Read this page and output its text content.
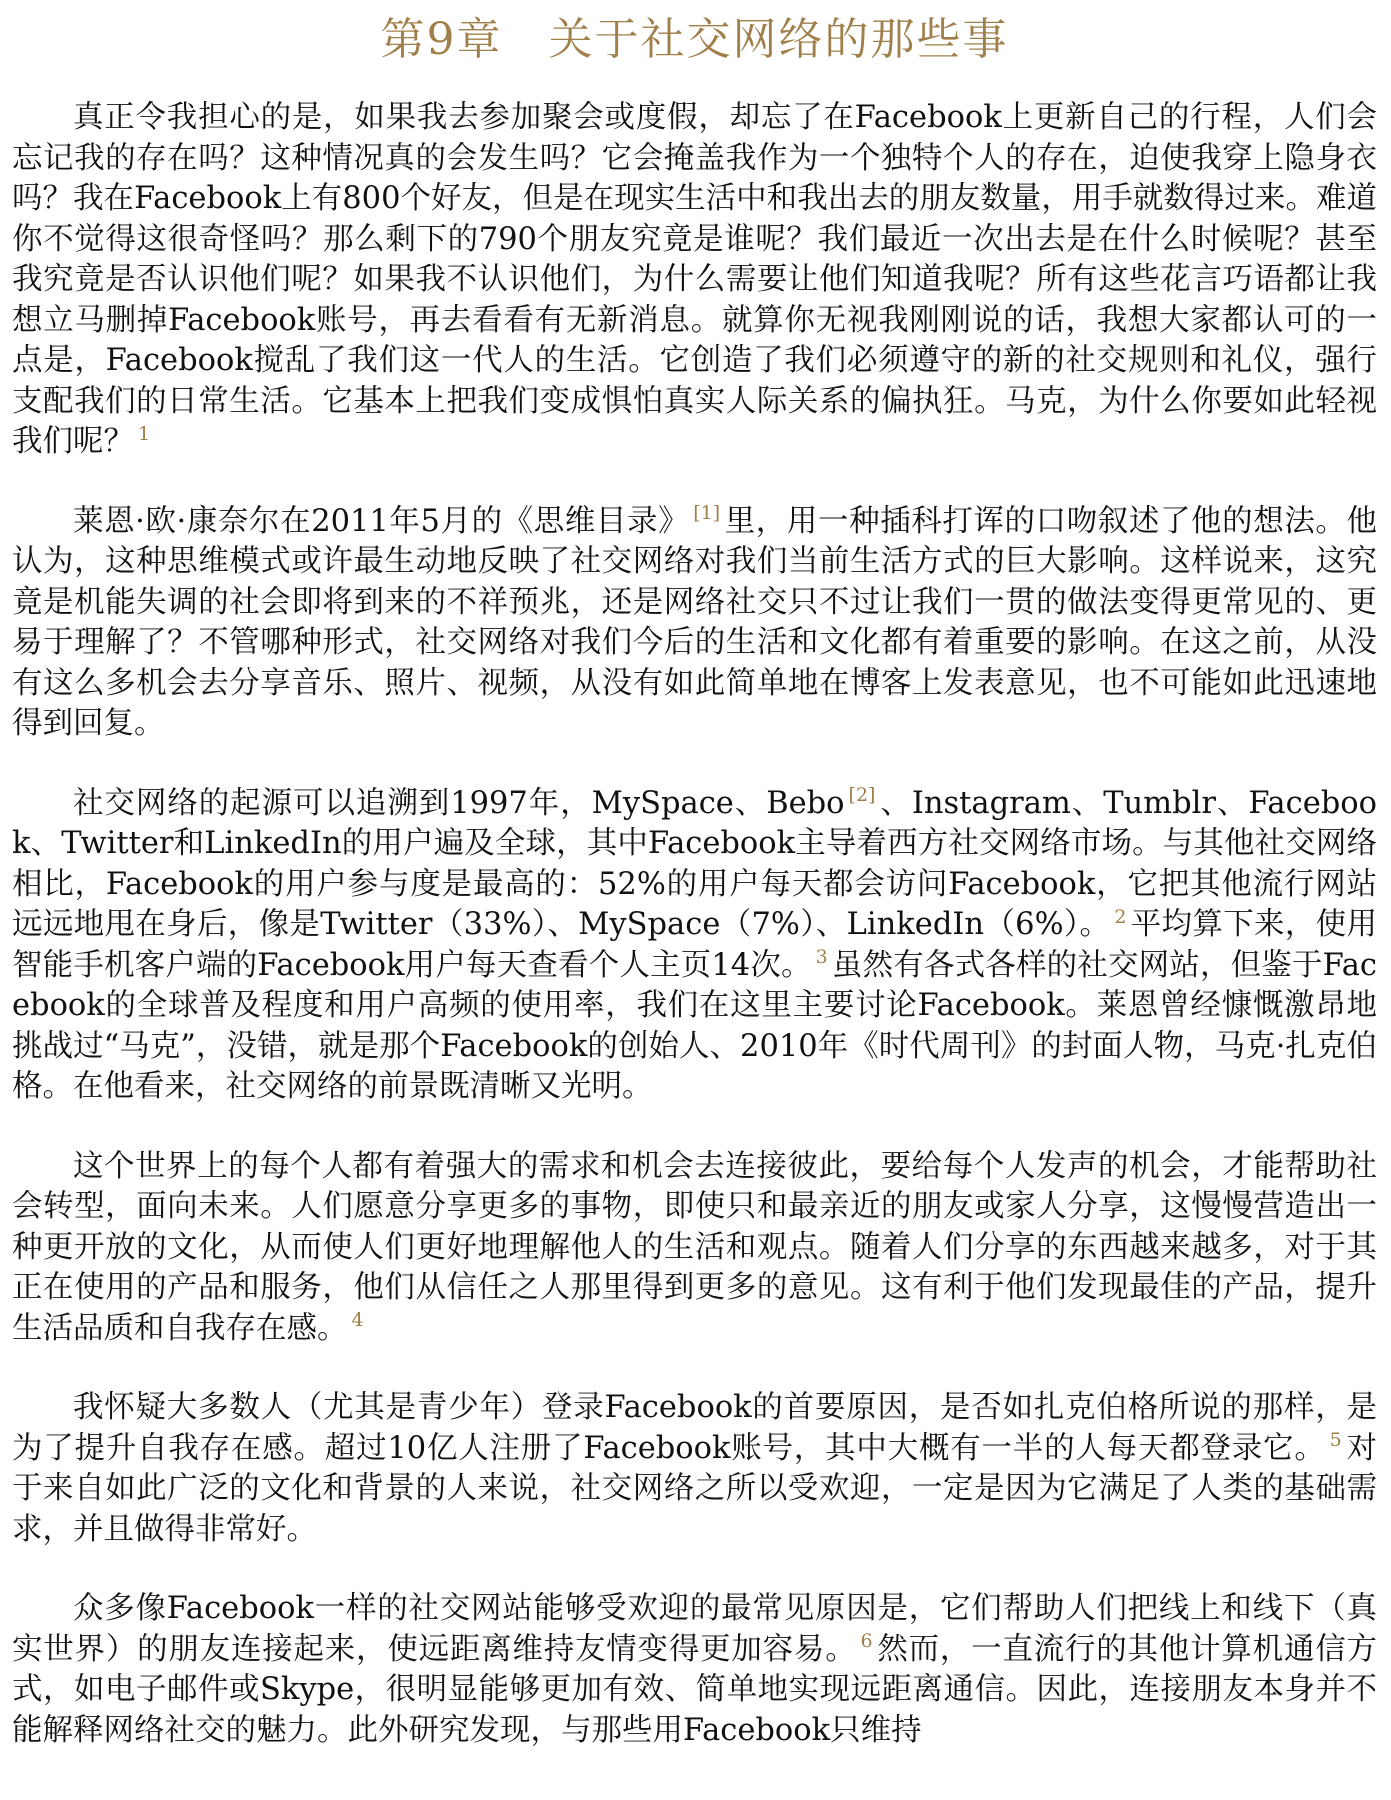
第9章　关于社交网络的那些事

真正令我担心的是，如果我去参加聚会或度假，却忘了在Facebook上更新自己的行程，人们会忘记我的存在吗？这种情况真的会发生吗？它会掩盖我作为一个独特个人的存在，迫使我穿上隐身衣吗？我在Facebook上有800个好友，但是在现实生活中和我出去的朋友数量，用手就数得过来。难道你不觉得这很奇怪吗？那么剩下的790个朋友究竟是谁呢？我们最近一次出去是在什么时候呢？甚至我究竟是否认识他们呢？如果我不认识他们，为什么需要让他们知道我呢？所有这些花言巧语都让我想立马删掉Facebook账号，再去看看有无新消息。就算你无视我刚刚说的话，我想大家都认可的一点是，Facebook搅乱了我们这一代人的生活。它创造了我们必须遵守的新的社交规则和礼仪，强行支配我们的日常生活。它基本上把我们变成惧怕真实人际关系的偏执狂。马克，为什么你要如此轻视我们呢？ $^1$

莱恩·欧·康奈尔在2011年5月的《思维目录》 [1] 里，用一种插科打诨的口吻叙述了他的想法。他认为，这种思维模式或许最生动地反映了社交网络对我们当前生活方式的巨大影响。这样说来，这究竟是机能失调的社会即将到来的不祥预兆，还是网络社交只不过让我们一贯的做法变得更常见的、更易于理解了？不管哪种形式，社交网络对我们今后的生活和文化都有着重要的影响。在这之前，从没有这么多机会去分享音乐、照片、视频，从没有如此简单地在博客上发表意见，也不可能如此迅速地得到回复。

社交网络的起源可以追溯到1997年，MySpace、Bebo [2] 、Instagram、Tumblr、Facebook、Twitter和LinkedIn的用户遍及全球，其中Facebook主导着西方社交网络市场。与其他社交网络相比，Facebook的用户参与度是最高的：52%的用户每天都会访问Facebook，它把其他流行网站远远地甩在身后，像是Twitter（33%）、MySpace（7%）、LinkedIn（6%）。 $^2$ 平均算下来，使用智能手机客户端的Facebook用户每天查看个人主页14次。 $^3$ 虽然有各式各样的社交网站，但鉴于Facebook的全球普及程度和用户高频的使用率，我们在这里主要讨论Facebook。莱恩曾经慷慨激昂地挑战过“马克”，没错，就是那个Facebook的创始人、2010年《时代周刊》的封面人物，马克·扎克伯格。在他看来，社交网络的前景既清晰又光明。

这个世界上的每个人都有着强大的需求和机会去连接彼此，要给每个人发声的机会，才能帮助社会转型，面向未来。人们愿意分享更多的事物，即使只和最亲近的朋友或家人分享，这慢慢营造出一种更开放的文化，从而使人们更好地理解他人的生活和观点。随着人们分享的东西越来越多，对于其正在使用的产品和服务，他们从信任之人那里得到更多的意见。这有利于他们发现最佳的产品，提升生活品质和自我存在感。 $^4$

我怀疑大多数人（尤其是青少年）登录Facebook的首要原因，是否如扎克伯格所说的那样，是为了提升自我存在感。超过10亿人注册了Facebook账号，其中大概有一半的人每天都登录它。 $^5$ 对于来自如此广泛的文化和背景的人来说，社交网络之所以受欢迎，一定是因为它满足了人类的基础需求，并且做得非常好。

众多像Facebook一样的社交网站能够受欢迎的最常见原因是，它们帮助人们把线上和线下（真实世界）的朋友连接起来，使远距离维持友情变得更加容易。 $^6$ 然而，一直流行的其他计算机通信方式，如电子邮件或Skype，很明显能够更加有效、简单地实现远距离通信。因此，连接朋友本身并不能解释网络社交的魅力。此外研究发现，与那些用Facebook只维持
